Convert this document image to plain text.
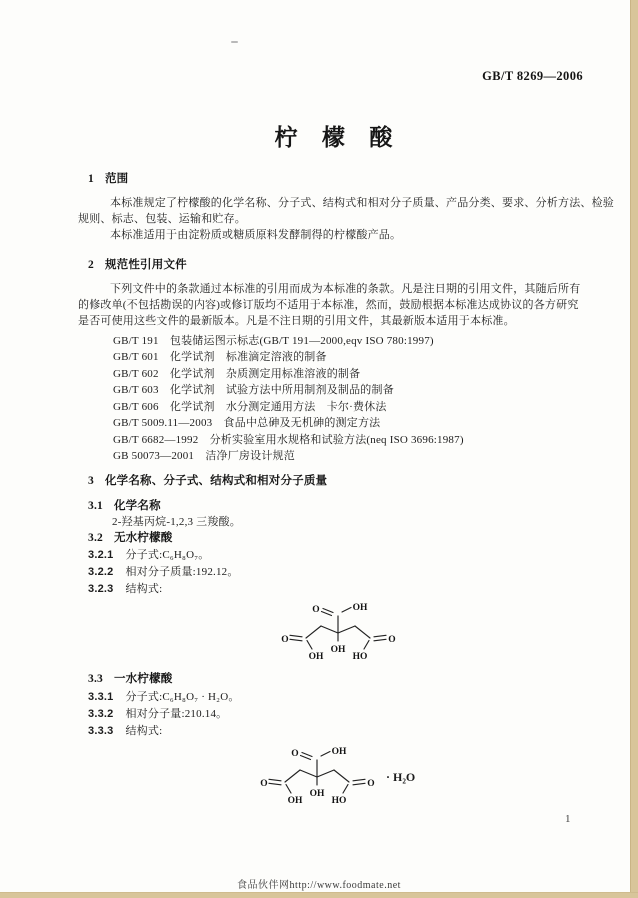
GB/T 8269—2006
柠 檬 酸
1 范围
本标准规定了柠檬酸的化学名称、分子式、结构式和相对分子质量、产品分类、要求、分析方法、检验
规则、标志、包装、运输和贮存。
本标准适用于由淀粉质或糖质原料发酵制得的柠檬酸产品。
2 规范性引用文件
下列文件中的条款通过本标准的引用而成为本标准的条款。凡是注日期的引用文件，其随后所有
的修改单(不包括勘误的内容)或修订版均不适用于本标准，然而，鼓励根据本标准达成协议的各方研究
是否可使用这些文件的最新版本。凡是不注日期的引用文件，其最新版本适用于本标准。
GB/T 191　包装储运图示标志(GB/T 191—2000,eqv ISO 780:1997)
GB/T 601　化学试剂　标准滴定溶液的制备
GB/T 602　化学试剂　杂质测定用标准溶液的制备
GB/T 603　化学试剂　试验方法中所用制剂及制品的制备
GB/T 606　化学试剂　水分测定通用方法　卡尔·费休法
GB/T 5009.11—2003　食品中总砷及无机砷的测定方法
GB/T 6682—1992　分析实验室用水规格和试验方法(neq ISO 3696:1987)
GB 50073—2001　洁净厂房设计规范
3 化学名称、分子式、结构式和相对分子质量
3.1 化学名称
2-羟基丙烷-1,2,3 三羧酸。
3.2 无水柠檬酸
3.2.1 分子式:C₆H₈O₇。
3.2.2 相对分子质量:192.12。
3.2.3 结构式:
O	OH
OH
O
OH
O
HO
3.3 一水柠檬酸
3.3.1 分子式:C₆H₈O₇ · H₂O。
3.3.2 相对分子量:210.14。
3.3.3 结构式:
O	OH
OH
O
OH
O
HO
· H₂O
1
食品伙伴网http://www.foodmate.net
